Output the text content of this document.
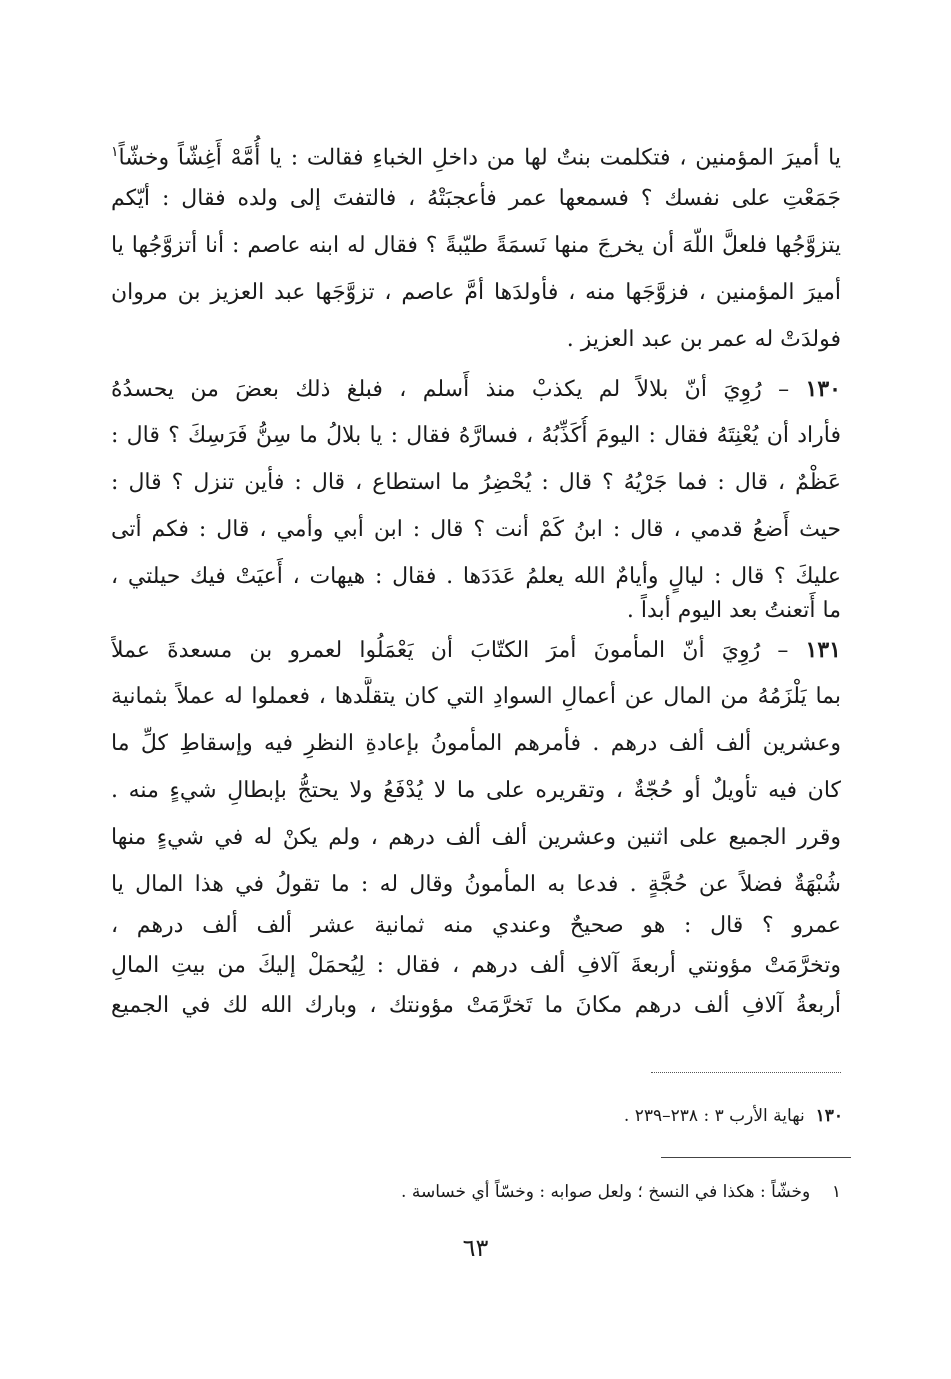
يا أميرَ المؤمنين ، فتكلمت بنتٌ لها من داخلِ الخباءِ فقالت : يا أُمَّهْ أَغِشّاً وخشّاً$^١$
جَمَعْتِ على نفسك ؟ فسمعها عمر فأعجبَتْهُ ، فالتفتَ إلى ولده فقال : أيّكم
يتزوَّجُها فلعلَّ اللّهَ أن يخرجَ منها نَسمَةً طيّبةً ؟ فقال له ابنه عاصم : أنا أتزوَّجُها يا
أميرَ المؤمنين ، فزوَّجَها منه ، فأولدَها أمَّ عاصم ، تزوَّجَها عبد العزيز بن مروان
فولدَتْ له عمر بن عبد العزيز .
١٣٠ – رُوِيَ أنّ بلالاً لم يكذبْ منذ أَسلم ، فبلغ ذلك بعضَ من يحسدُهُ
فأراد أن يُعْنِتَهُ فقال : اليومَ أُكَذِّبُهُ ، فسارَّهُ فقال : يا بلالُ ما سِنُّ فَرَسِكَ ؟ قال :
عَظْمٌ ، قال : فما جَرْيُهُ ؟ قال : يُحْضِرُ ما استطاع ، قال : فأين تنزل ؟ قال :
حيث أَضعُ قدمي ، قال : ابنُ كَمْ أنت ؟ قال : ابن أبي وأمي ، قال : فكم أتى
عليكَ ؟ قال : ليالٍ وأيامٌ الله يعلمُ عَدَدَها . فقال : هيهات ، أَعيَتْ فيك حيلتي ،
ما أَتعنتُ بعد اليوم أبداً .
١٣١ – رُوِيَ أنّ المأمونَ أمرَ الكتّابَ أن يَعْمَلُوا لعمرو بن مسعدةَ عملاً
بما يَلْزَمُهُ من المال عن أعمالِ السوادِ التي كان يتقلَّدها ، فعملوا له عملاً بثمانية
وعشرين ألف ألف درهم . فأمرهم المأمونُ بإعادةِ النظرِ فيه وإسقاطِ كلِّ ما
كان فيه تأويلٌ أو حُجّةٌ ، وتقريره على ما لا يُدْفَعُ ولا يحتجُّ بإبطالِ شيءٍ منه .
وقرر الجميع على اثنين وعشرين ألف ألف درهم ، ولم يكنْ له في شيءٍ منها
شُبْهَةٌ فضلاً عن حُجَّةٍ . فدعا به المأمونُ وقال له : ما تقولُ في هذا المال يا
عمرو ؟ قال : هو صحيحٌ وعندي منه ثمانية عشر ألف ألف درهم ،
وتخرَّمَتْ مؤونتي أربعةَ آلافِ ألف درهم ، فقال : لِيُحمَلْ إليكَ من بيتِ المالِ
أربعةُ آلافِ ألف درهم مكانَ ما تَخرَّمَتْ مؤونتك ، وبارك الله لك في الجميع
١٣٠  نهاية الأرب ٣ : ٢٣٨–٢٣٩ .
١    وخشّاً : هكذا في النسخ ؛ ولعل صوابه : وخسّاً أي خساسة .
٦٣
